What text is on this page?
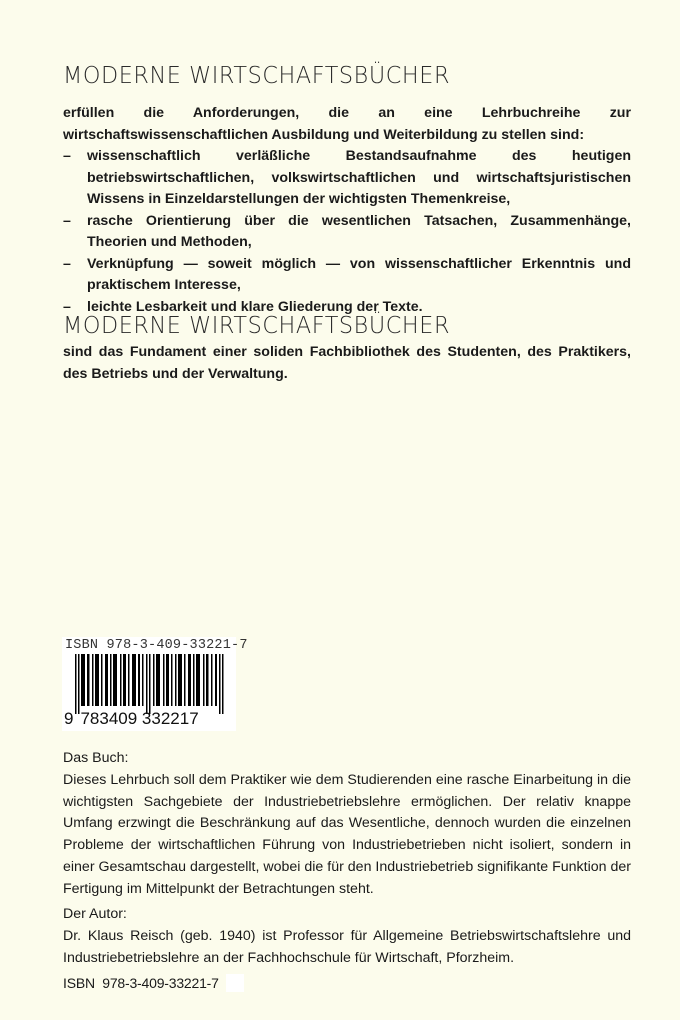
MODERNE WIRTSCHAFTSBÜCHER

erfüllen die Anforderungen, die an eine Lehrbuchreihe zur wirtschaftswissenschaftlichen Ausbildung und Weiterbildung zu stellen sind:

– wissenschaftlich verläßliche Bestandsaufnahme des heutigen betriebswirtschaftlichen, volkswirtschaftlichen und wirtschaftsjuristischen Wissens in Einzeldarstellungen der wichtigsten Themenkreise,
– rasche Orientierung über die wesentlichen Tatsachen, Zusammenhänge, Theorien und Methoden,
– Verknüpfung — soweit möglich — von wissenschaftlicher Erkenntnis und praktischem Interesse,
– leichte Lesbarkeit und klare Gliederung der Texte.
MODERNE WIRTSCHAFTSBÜCHER

sind das Fundament einer soliden Fachbibliothek des Studenten, des Praktikers, des Betriebs und der Verwaltung.

ISBN 978-3-409-33221-7
9 783409 332217

Das Buch:

Dieses Lehrbuch soll dem Praktiker wie dem Studierenden eine rasche Einarbeitung in die wichtigsten Sachgebiete der Industriebetriebslehre ermöglichen. Der relativ knappe Umfang erzwingt die Beschränkung auf das Wesentliche, dennoch wurden die einzelnen Probleme der wirtschaftlichen Führung von Industriebetrieben nicht isoliert, sondern in einer Gesamtschau dargestellt, wobei die für den Industriebetrieb signifikante Funktion der Fertigung im Mittelpunkt der Betrachtungen steht.

Der Autor:

Dr. Klaus Reisch (geb. 1940) ist Professor für Allgemeine Betriebswirtschaftslehre und Industriebetriebslehre an der Fachhochschule für Wirtschaft, Pforzheim.

ISBN  978-3-409-33221-7
